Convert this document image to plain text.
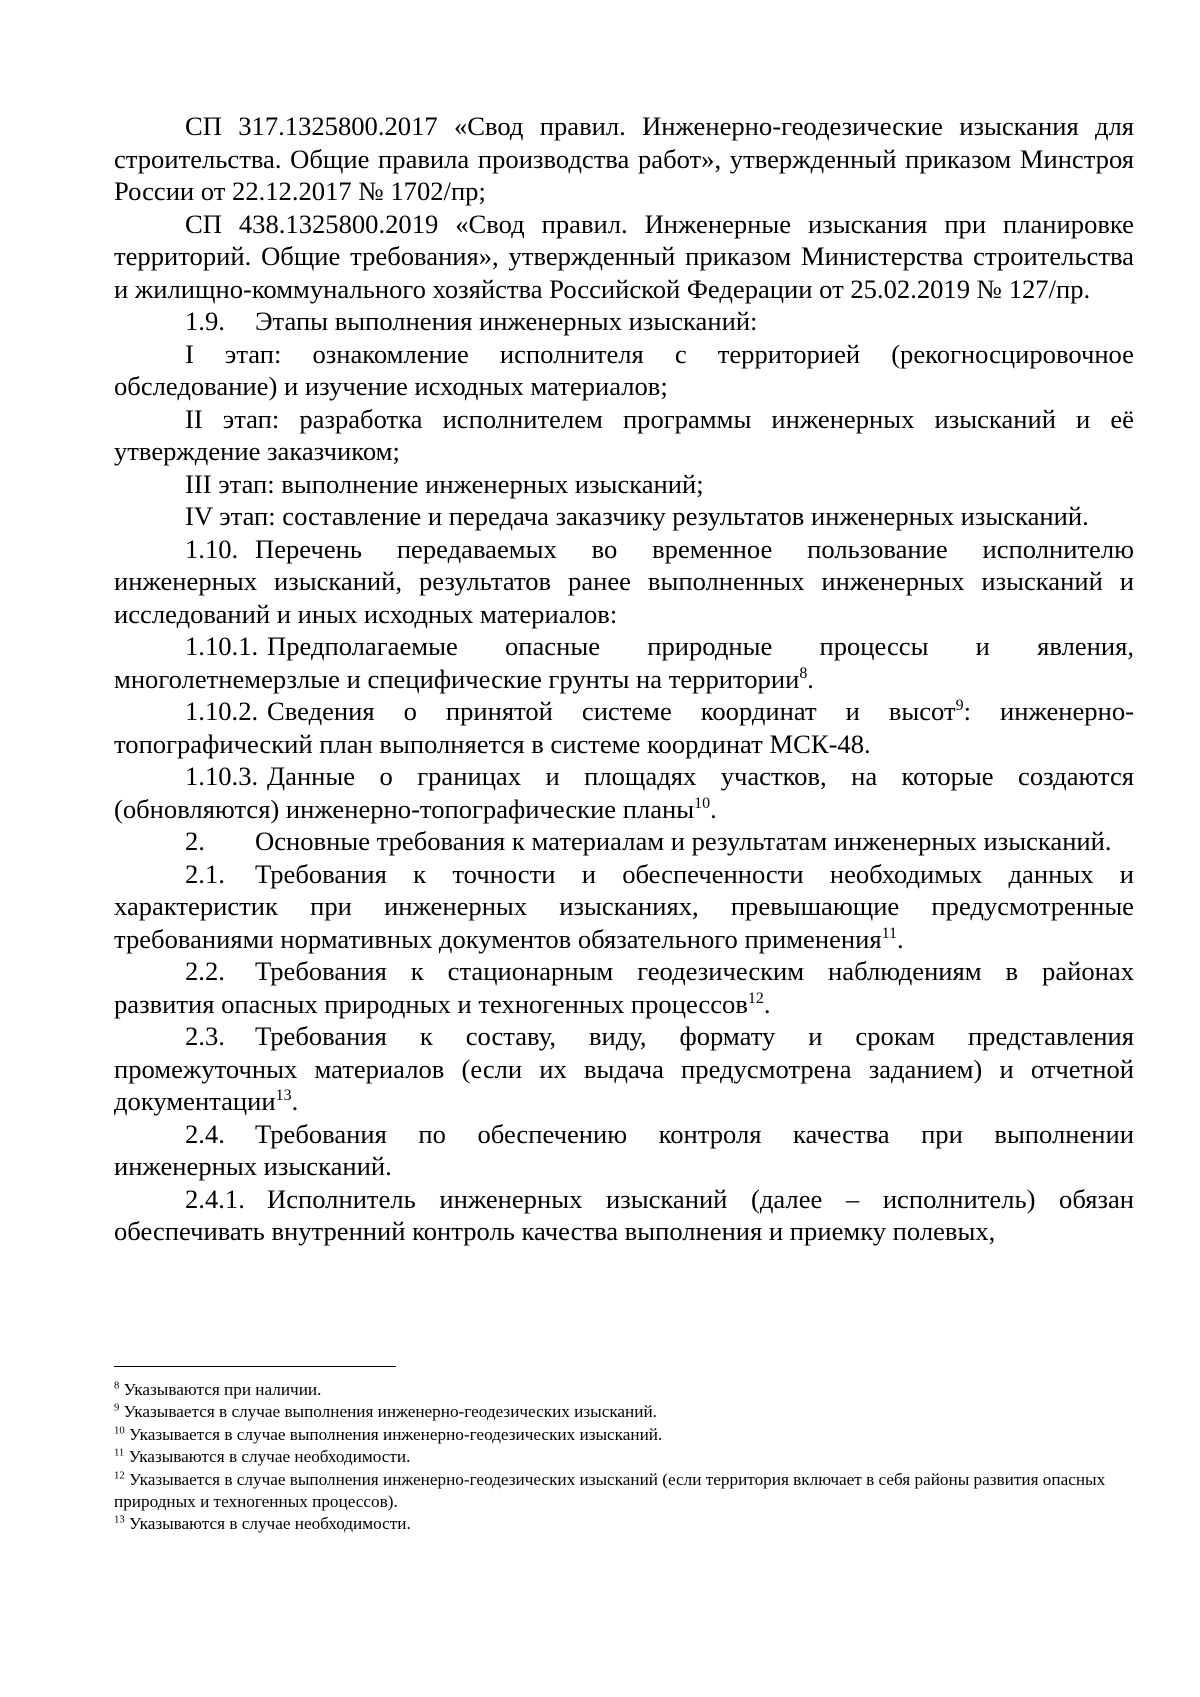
СП 317.1325800.2017 «Свод правил. Инженерно-геодезические изыскания для строительства. Общие правила производства работ», утвержденный приказом Минстроя России от 22.12.2017 № 1702/пр;

СП 438.1325800.2019 «Свод правил. Инженерные изыскания при планировке территорий. Общие требования», утвержденный приказом Министерства строительства и жилищно-коммунального хозяйства Российской Федерации от 25.02.2019 № 127/пр.

1.9. Этапы выполнения инженерных изысканий:

I этап: ознакомление исполнителя с территорией (рекогносцировочное обследование) и изучение исходных материалов;

II этап: разработка исполнителем программы инженерных изысканий и её утверждение заказчиком;

III этап: выполнение инженерных изысканий;

IV этап: составление и передача заказчику результатов инженерных изысканий.

1.10. Перечень передаваемых во временное пользование исполнителю инженерных изысканий, результатов ранее выполненных инженерных изысканий и исследований и иных исходных материалов:

1.10.1. Предполагаемые опасные природные процессы и явления, многолетнемерзлые и специфические грунты на территории$^8$.

1.10.2. Сведения о принятой системе координат и высот$^9$: инженерно-топографический план выполняется в системе координат МСК-48.

1.10.3. Данные о границах и площадях участков, на которые создаются (обновляются) инженерно-топографические планы$^{10}$.

2. Основные требования к материалам и результатам инженерных изысканий.

2.1. Требования к точности и обеспеченности необходимых данных и характеристик при инженерных изысканиях, превышающие предусмотренные требованиями нормативных документов обязательного применения$^{11}$.

2.2. Требования к стационарным геодезическим наблюдениям в районах развития опасных природных и техногенных процессов$^{12}$.

2.3. Требования к составу, виду, формату и срокам представления промежуточных материалов (если их выдача предусмотрена заданием) и отчетной документации$^{13}$.

2.4. Требования по обеспечению контроля качества при выполнении инженерных изысканий.

2.4.1. Исполнитель инженерных изысканий (далее – исполнитель) обязан обеспечивать внутренний контроль качества выполнения и приемку полевых,

$^8$ Указываются при наличии.

$^9$ Указывается в случае выполнения инженерно-геодезических изысканий.

$^{10}$ Указывается в случае выполнения инженерно-геодезических изысканий.

$^{11}$ Указываются в случае необходимости.

$^{12}$ Указывается в случае выполнения инженерно-геодезических изысканий (если территория включает в себя районы развития опасных природных и техногенных процессов).

$^{13}$ Указываются в случае необходимости.
